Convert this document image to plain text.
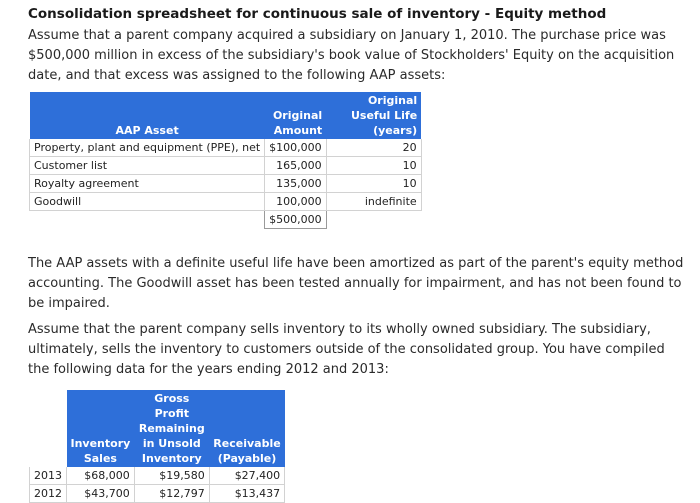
Consolidation spreadsheet for continuous sale of inventory - Equity method
Assume that a parent company acquired a subsidiary on January 1, 2010. The purchase price was $500,000 million in excess of the subsidiary's book value of Stockholders' Equity on the acquisition date, and that excess was assigned to the following AAP assets:
AAP Asset	Original Amount	Original Useful Life (years)
Property, plant and equipment (PPE), net	$100,000	20
Customer list	165,000	10
Royalty agreement	135,000	10
Goodwill	100,000	indefinite
	$500,000	
The AAP assets with a definite useful life have been amortized as part of the parent's equity method accounting. The Goodwill asset has been tested annually for impairment, and has not been found to be impaired.
Assume that the parent company sells inventory to its wholly owned subsidiary. The subsidiary, ultimately, sells the inventory to customers outside of the consolidated group. You have compiled the following data for the years ending 2012 and 2013:
	Inventory Sales	Gross Profit Remaining in Unsold Inventory	Receivable (Payable)
2013	$68,000	$19,580	$27,400
2012	$43,700	$12,797	$13,437
